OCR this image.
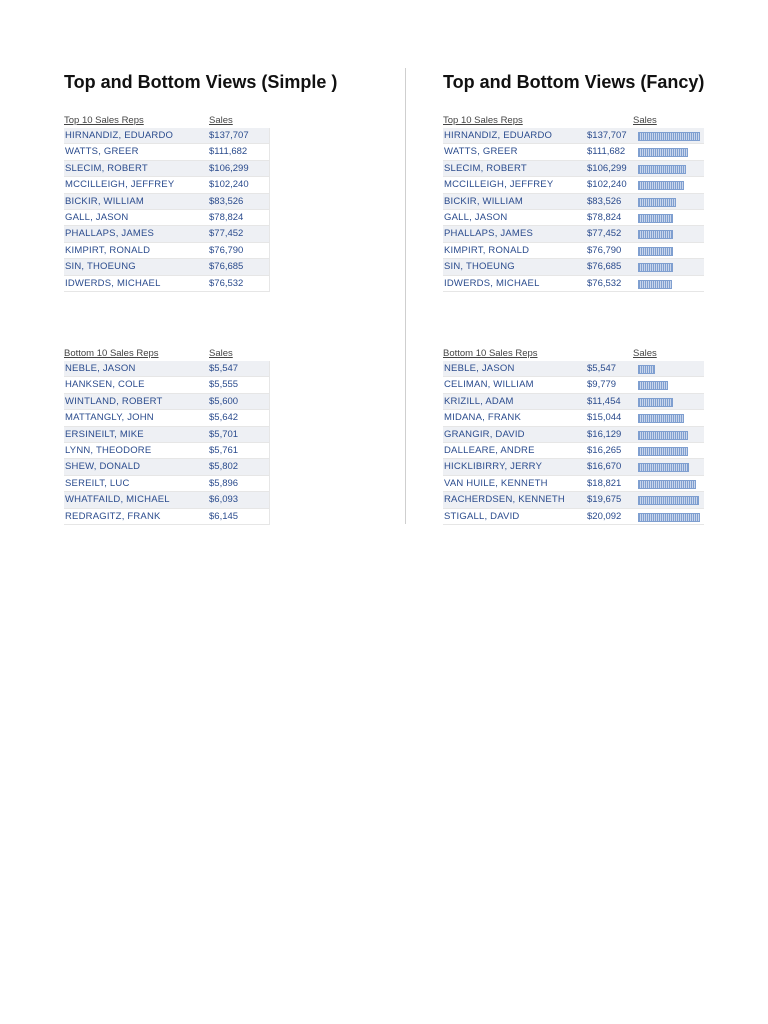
Top and Bottom Views (Simple )	Top and Bottom Views (Fancy)
Top 10 Sales Reps	Sales
HIRNANDIZ, EDUARDO	$137,707
WATTS, GREER	$111,682
SLECIM, ROBERT	$106,299
MCCILLEIGH, JEFFREY	$102,240
BICKIR, WILLIAM	$83,526
GALL, JASON	$78,824
PHALLAPS, JAMES	$77,452
KIMPIRT, RONALD	$76,790
SIN, THOEUNG	$76,685
IDWERDS, MICHAEL	$76,532
Bottom 10 Sales Reps	Sales
NEBLE, JASON	$5,547
HANKSEN, COLE	$5,555
WINTLAND, ROBERT	$5,600
MATTANGLY, JOHN	$5,642
ERSINEILT, MIKE	$5,701
LYNN, THEODORE	$5,761
SHEW, DONALD	$5,802
SEREILT, LUC	$5,896
WHATFAILD, MICHAEL	$6,093
REDRAGITZ, FRANK	$6,145
Top 10 Sales Reps	Sales
HIRNANDIZ, EDUARDO	$137,707
WATTS, GREER	$111,682
SLECIM, ROBERT	$106,299
MCCILLEIGH, JEFFREY	$102,240
BICKIR, WILLIAM	$83,526
GALL, JASON	$78,824
PHALLAPS, JAMES	$77,452
KIMPIRT, RONALD	$76,790
SIN, THOEUNG	$76,685
IDWERDS, MICHAEL	$76,532
Bottom 10 Sales Reps	Sales
NEBLE, JASON	$5,547
CELIMAN, WILLIAM	$9,779
KRIZILL, ADAM	$11,454
MIDANA, FRANK	$15,044
GRANGIR, DAVID	$16,129
DALLEARE, ANDRE	$16,265
HICKLIBIRRY, JERRY	$16,670
VAN HUILE, KENNETH	$18,821
RACHERDSEN, KENNETH $19,675
STIGALL, DAVID	$20,092
